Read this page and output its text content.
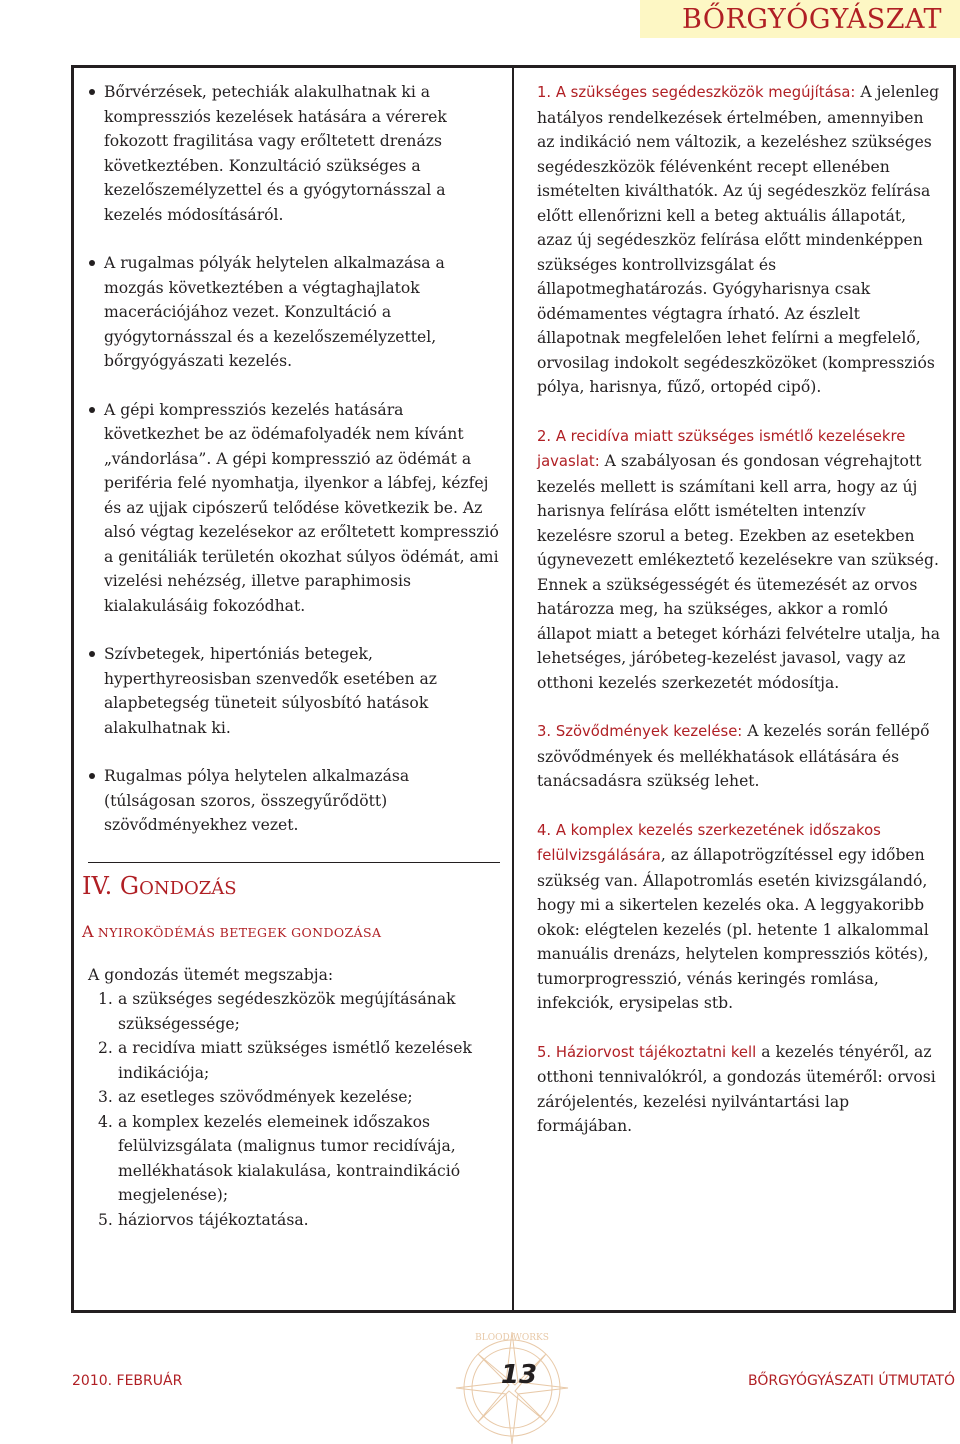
BŐRGYÓGYÁSZAT
Bőrvérzések, petechiák alakulhatnak ki a kompressziós kezelések hatására a vérerek fokozott fragilitása vagy erőltetett drenázs következtében. Konzultáció szükséges a kezelőszemélyzettel és a gyógytornásszal a kezelés módosításáról.
A rugalmas pólyák helytelen alkalmazása a mozgás következtében a végtaghajlatok macerációjához vezet. Konzultáció a gyógytornásszal és a kezelőszemélyzettel, bőrgyógyászati kezelés.
A gépi kompressziós kezelés hatására következhet be az ödémafolyadék nem kívánt „vándorlása”. A gépi kompresszió az ödémát a periféria felé nyomhatja, ilyenkor a lábfej, kézfej és az ujjak cipószerű telődése következik be. Az alsó végtag kezelésekor az erőltetett kompresszió a genitáliák területén okozhat súlyos ödémát, ami vizelési nehézség, illetve paraphimosis kialakulásáig fokozódhat.
Szívbetegek, hipertóniás betegek, hyperthyreosisban szenvedők esetében az alapbetegség tüneteit súlyosbító hatások alakulhatnak ki.
Rugalmas pólya helytelen alkalmazása (túlságosan szoros, összegyűrődött) szövődményekhez vezet.
IV. GONDOZÁS
A NYIROKÖDÉMÁS BETEGEK GONDOZÁSA
A gondozás ütemét megszabja:
1. a szükséges segédeszközök megújításának szükségessége;
2. a recidíva miatt szükséges ismétlő kezelések indikációja;
3. az esetleges szövődmények kezelése;
4. a komplex kezelés elemeinek időszakos felülvizsgálata (malignus tumor recidívája, mellékhatások kialakulása, kontraindikáció megjelenése);
5. háziorvos tájékoztatása.
1. A szükséges segédeszközök megújítása: A jelenleg hatályos rendelkezések értelmében, amennyiben az indikáció nem változik, a kezeléshez szükséges segédeszközök félévenként recept ellenében ismételten kiválthatók. Az új segédeszköz felírása előtt ellenőrizni kell a beteg aktuális állapotát, azaz új segédeszköz felírása előtt mindenképpen szükséges kontrollvizsgálat és állapotmeghatározás. Gyógyharisnya csak ödémamentes végtagra írható. Az észlelt állapotnak megfelelően lehet felírni a megfelelő, orvosilag indokolt segédeszközöket (kompressziós pólya, harisnya, fűző, ortopéd cipő).
2. A recidíva miatt szükséges ismétlő kezelésekre javaslat: A szabályosan és gondosan végrehajtott kezelés mellett is számítani kell arra, hogy az új harisnya felírása előtt ismételten intenzív kezelésre szorul a beteg. Ezekben az esetekben úgynevezett emlékeztető kezelésekre van szükség. Ennek a szükségességét és ütemezését az orvos határozza meg, ha szükséges, akkor a romló állapot miatt a beteget kórházi felvételre utalja, ha lehetséges, járóbeteg-kezelést javasol, vagy az otthoni kezelés szerkezetét módosítja.
3. Szövődmények kezelése: A kezelés során fellépő szövődmények és mellékhatások ellátására és tanácsadásra szükség lehet.
4. A komplex kezelés szerkezetének időszakos felülvizsgálására, az állapotrögzítéssel egy időben szükség van. Állapotromlás esetén kivizsgálandó, hogy mi a sikertelen kezelés oka. A leggyakoribb okok: elégtelen kezelés (pl. hetente 1 alkalommal manuális drenázs, helytelen kompressziós kötés), tumorprogresszió, vénás keringés romlása, infekciók, erysipelas stb.
5. Háziorvost tájékoztatni kell a kezelés tényéről, az otthoni tennivalókról, a gondozás üteméről: orvosi zárójelentés, kezelési nyilvántartási lap formájában.
BLOOD WORKS
2010. FEBRUÁR	13	BŐRGYÓGYÁSZATI ÚTMUTATÓ
